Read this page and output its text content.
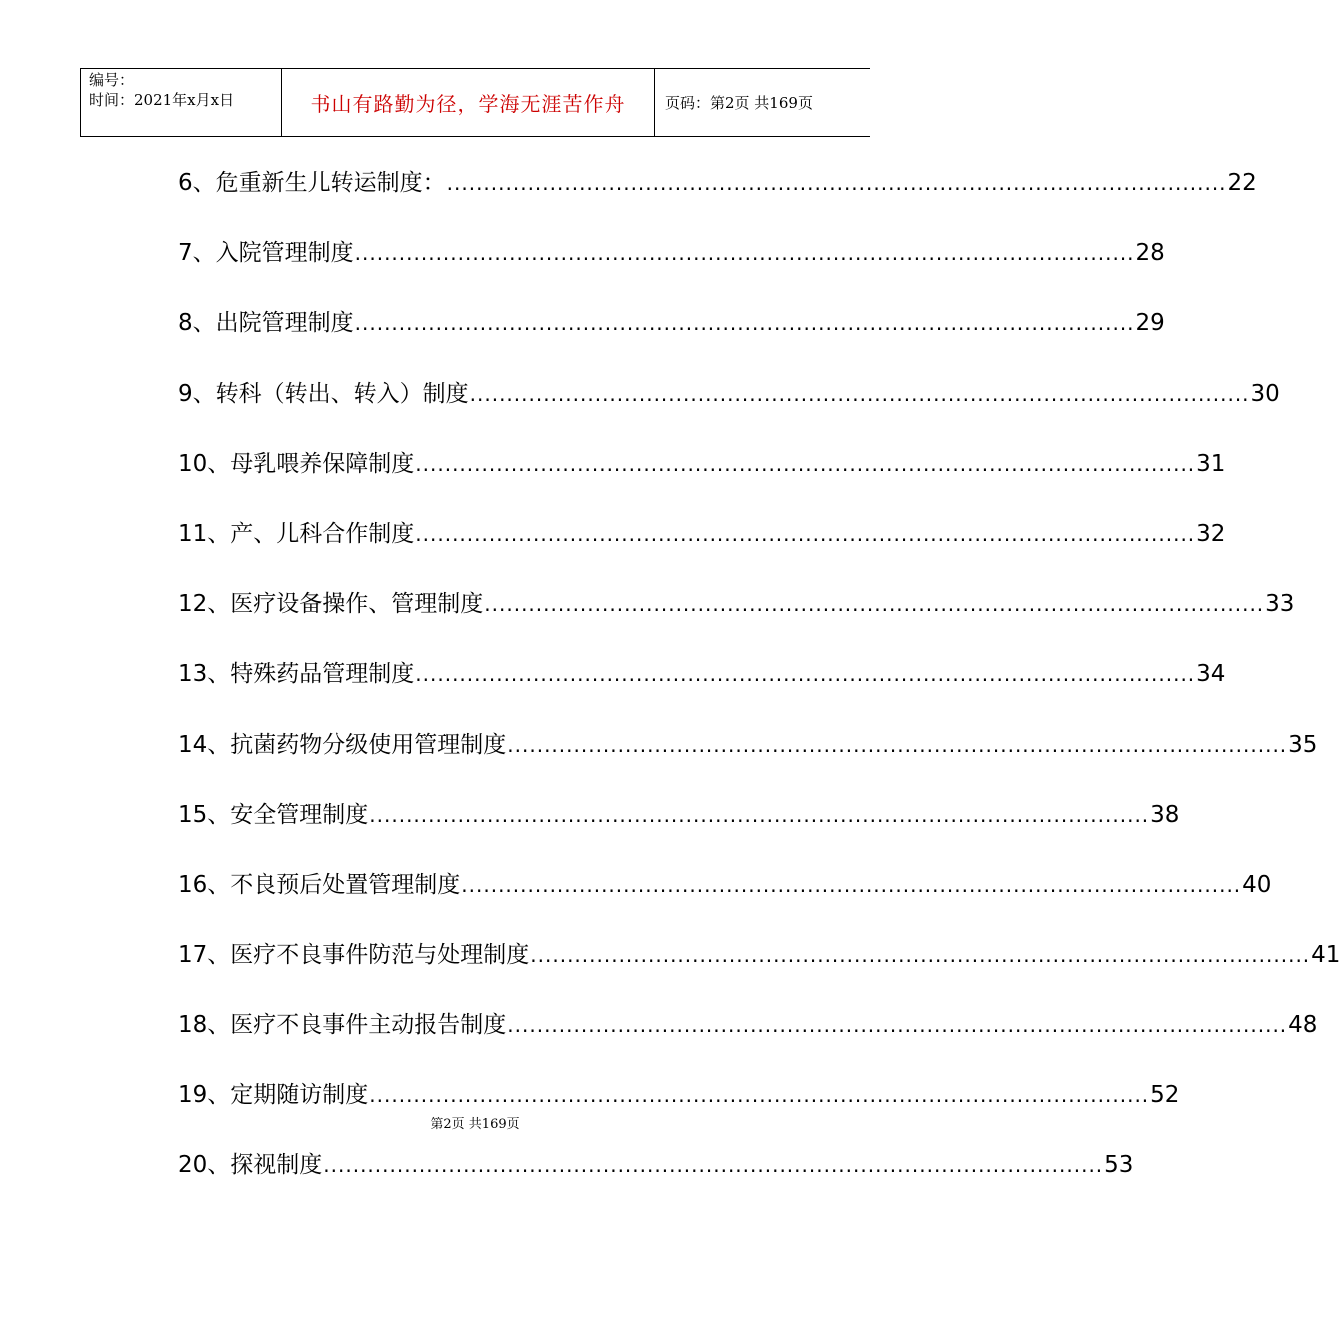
编号：
时间：2021年x月x日	书山有路勤为径，学海无涯苦作舟	页码：第2页 共169页
6、危重新生儿转运制度： .......................................................................................................... 22
7、入院管理制度 .......................................................................................................... 28
8、出院管理制度 .......................................................................................................... 29
9、转科（转出、转入）制度 .......................................................................................................... 30
10、母乳喂养保障制度 .......................................................................................................... 31
11、产、儿科合作制度 .......................................................................................................... 32
12、医疗设备操作、管理制度 .......................................................................................................... 33
13、特殊药品管理制度 .......................................................................................................... 34
14、抗菌药物分级使用管理制度 .......................................................................................................... 35
15、安全管理制度 .......................................................................................................... 38
16、不良预后处置管理制度 .......................................................................................................... 40
17、医疗不良事件防范与处理制度 .......................................................................................................... 41
18、医疗不良事件主动报告制度 .......................................................................................................... 48
19、定期随访制度 .......................................................................................................... 52
第2页 共169页
20、探视制度 .......................................................................................................... 53
